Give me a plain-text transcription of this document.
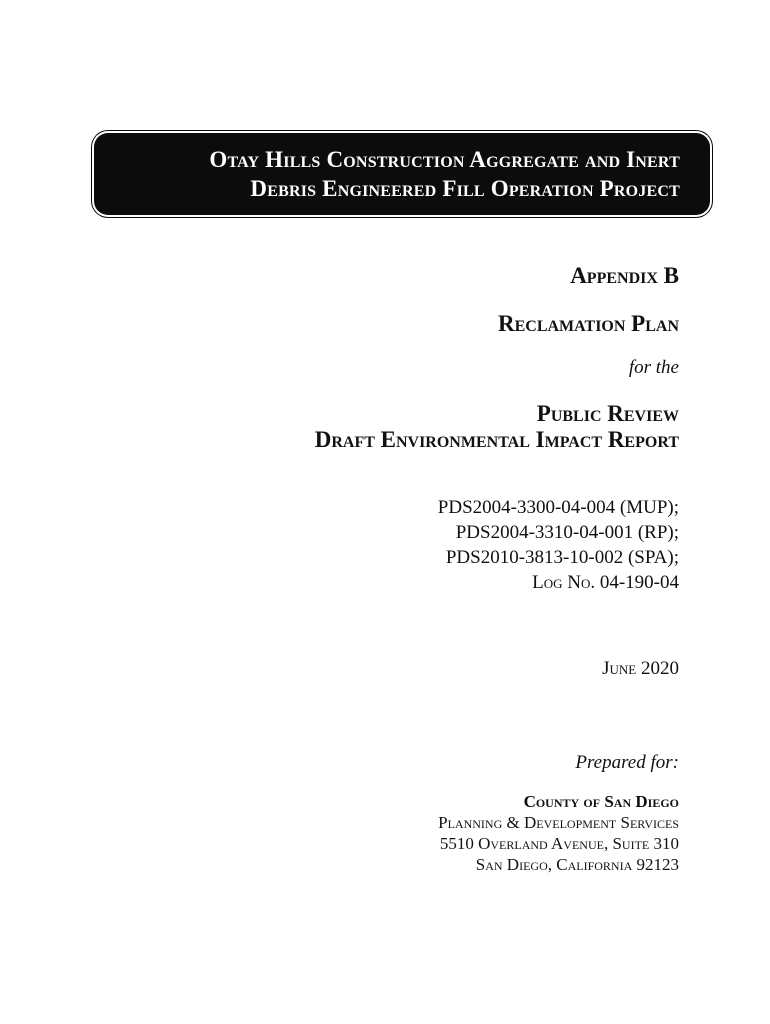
Otay Hills Construction Aggregate and Inert
Debris Engineered Fill Operation Project
Appendix B
Reclamation Plan
for the
Public Review
Draft Environmental Impact Report
PDS2004-3300-04-004 (MUP);
PDS2004-3310-04-001 (RP);
PDS2010-3813-10-002 (SPA);
Log No. 04-190-04
June 2020
Prepared for:
County of San Diego
Planning & Development Services
5510 Overland Avenue, Suite 310
San Diego, California 92123
